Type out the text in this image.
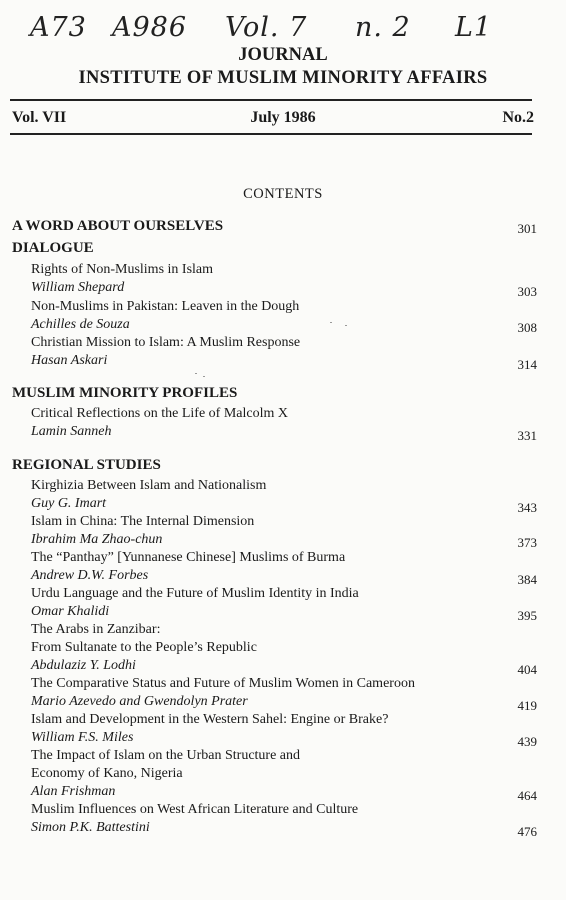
A73 A986 Vol. 7 n. 2 L1
JOURNAL
INSTITUTE OF MUSLIM MINORITY AFFAIRS
Vol. VII	July 1986	No.2
CONTENTS
A WORD ABOUT OURSELVES	301
DIALOGUE
Rights of Non-Muslims in Islam
William Shepard	303
Non-Muslims in Pakistan: Leaven in the Dough
Achilles de Souza	308
Christian Mission to Islam: A Muslim Response
Hasan Askari	314
MUSLIM MINORITY PROFILES
Critical Reflections on the Life of Malcolm X
Lamin Sanneh	331
REGIONAL STUDIES
Kirghizia Between Islam and Nationalism
Guy G. Imart	343
Islam in China: The Internal Dimension
Ibrahim Ma Zhao-chun	373
The “Panthay” [Yunnanese Chinese] Muslims of Burma
Andrew D.W. Forbes	384
Urdu Language and the Future of Muslim Identity in India
Omar Khalidi	395
The Arabs in Zanzibar:
From Sultanate to the People’s Republic
Abdulaziz Y. Lodhi	404
The Comparative Status and Future of Muslim Women in Cameroon
Mario Azevedo and Gwendolyn Prater	419
Islam and Development in the Western Sahel: Engine or Brake?
William F.S. Miles	439
The Impact of Islam on the Urban Structure and
Economy of Kano, Nigeria
Alan Frishman	464
Muslim Influences on West African Literature and Culture
Simon P.K. Battestini	476
